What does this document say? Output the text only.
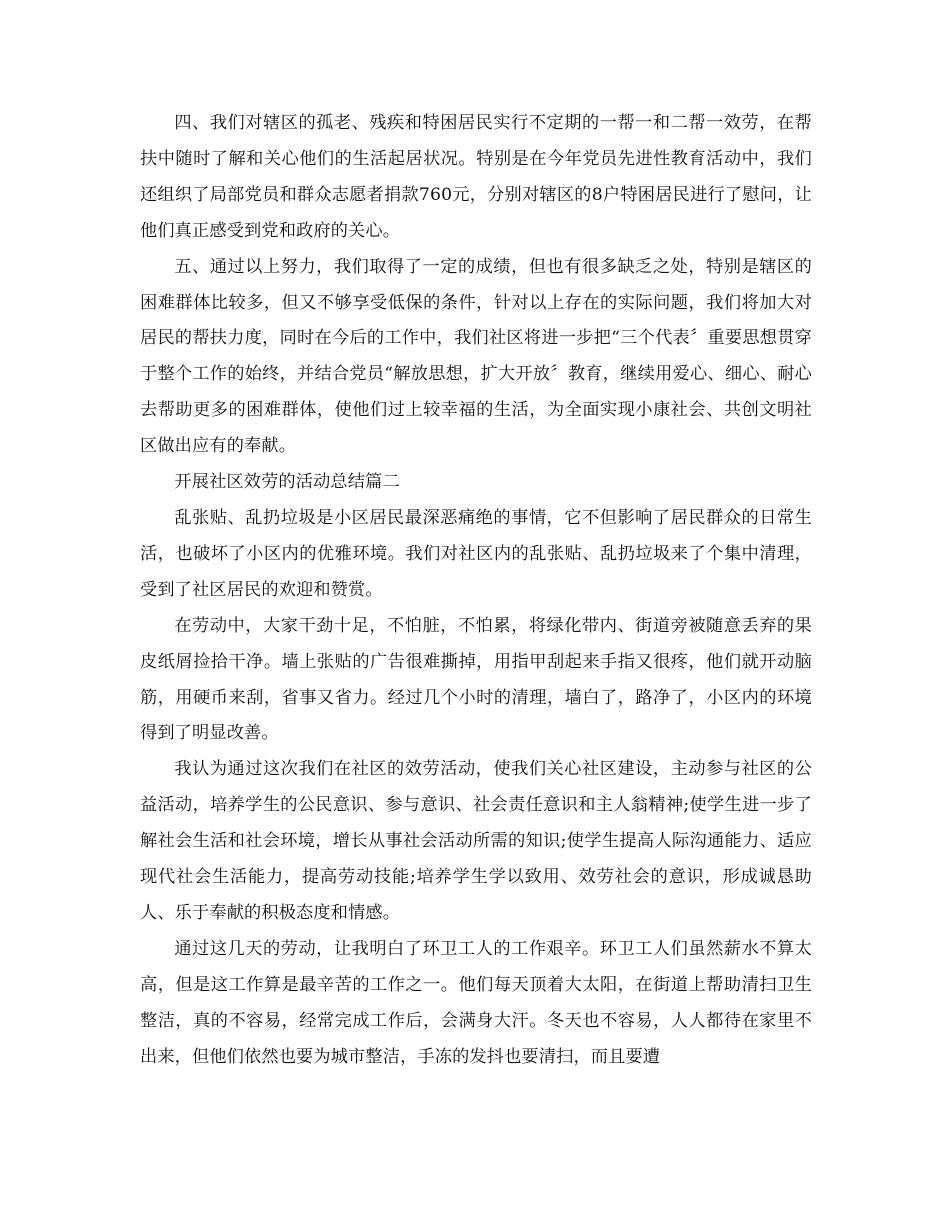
四、我们对辖区的孤老、残疾和特困居民实行不定期的一帮一和二帮一效劳，在帮扶中随时了解和关心他们的生活起居状况。特别是在今年党员先进性教育活动中，我们还组织了局部党员和群众志愿者捐款760元，分别对辖区的8户特困居民进行了慰问，让他们真正感受到党和政府的关心。

五、通过以上努力，我们取得了一定的成绩，但也有很多缺乏之处，特别是辖区的困难群体比较多，但又不够享受低保的条件，针对以上存在的实际问题，我们将加大对居民的帮扶力度，同时在今后的工作中，我们社区将进一步把“三个代表〞重要思想贯穿于整个工作的始终，并结合党员“解放思想，扩大开放〞教育，继续用爱心、细心、耐心去帮助更多的困难群体，使他们过上较幸福的生活，为全面实现小康社会、共创文明社区做出应有的奉献。

开展社区效劳的活动总结篇二

乱张贴、乱扔垃圾是小区居民最深恶痛绝的事情，它不但影响了居民群众的日常生活，也破坏了小区内的优雅环境。我们对社区内的乱张贴、乱扔垃圾来了个集中清理，受到了社区居民的欢迎和赞赏。

在劳动中，大家干劲十足，不怕脏，不怕累，将绿化带内、街道旁被随意丢弃的果皮纸屑捡拾干净。墙上张贴的广告很难撕掉，用指甲刮起来手指又很疼，他们就开动脑筋，用硬币来刮，省事又省力。经过几个小时的清理，墙白了，路净了，小区内的环境得到了明显改善。

我认为通过这次我们在社区的效劳活动，使我们关心社区建设，主动参与社区的公益活动，培养学生的公民意识、参与意识、社会责任意识和主人翁精神;使学生进一步了解社会生活和社会环境，增长从事社会活动所需的知识;使学生提高人际沟通能力、适应现代社会生活能力，提高劳动技能;培养学生学以致用、效劳社会的意识，形成诚恳助人、乐于奉献的积极态度和情感。

通过这几天的劳动，让我明白了环卫工人的工作艰辛。环卫工人们虽然薪水不算太高，但是这工作算是最辛苦的工作之一。他们每天顶着大太阳，在街道上帮助清扫卫生整洁，真的不容易，经常完成工作后，会满身大汗。冬天也不容易，人人都待在家里不出来，但他们依然也要为城市整洁，手冻的发抖也要清扫，而且要遭
